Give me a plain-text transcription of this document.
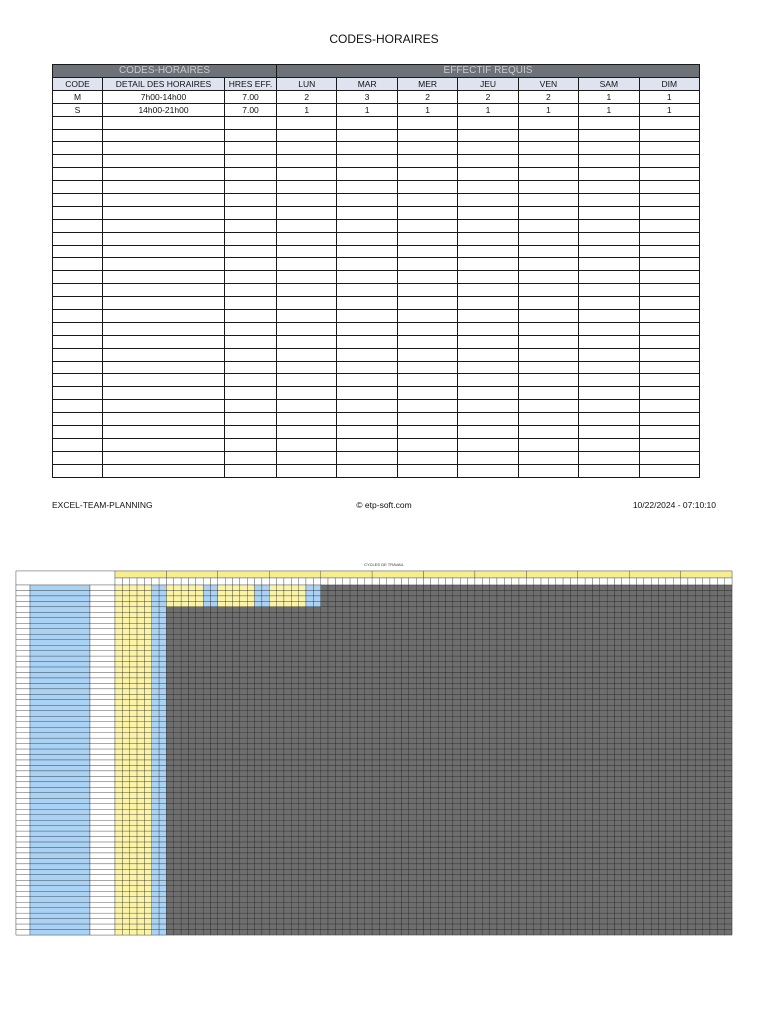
CODES-HORAIRES
CODES-HORAIRES			EFFECTIF REQUIS						
CODE	DETAIL DES HORAIRES	HRES EFF.	LUN	MAR	MER	JEU	VEN	SAM	DIM
M	7h00-14h00	7.00	2	3	2	2	2	1	1
S	14h00-21h00	7.00	1	1	1	1	1	1	1

EXCEL-TEAM-PLANNING	© etp-soft.com	10/22/2024 - 07:10:10
CYCLES DE TRAVAIL
